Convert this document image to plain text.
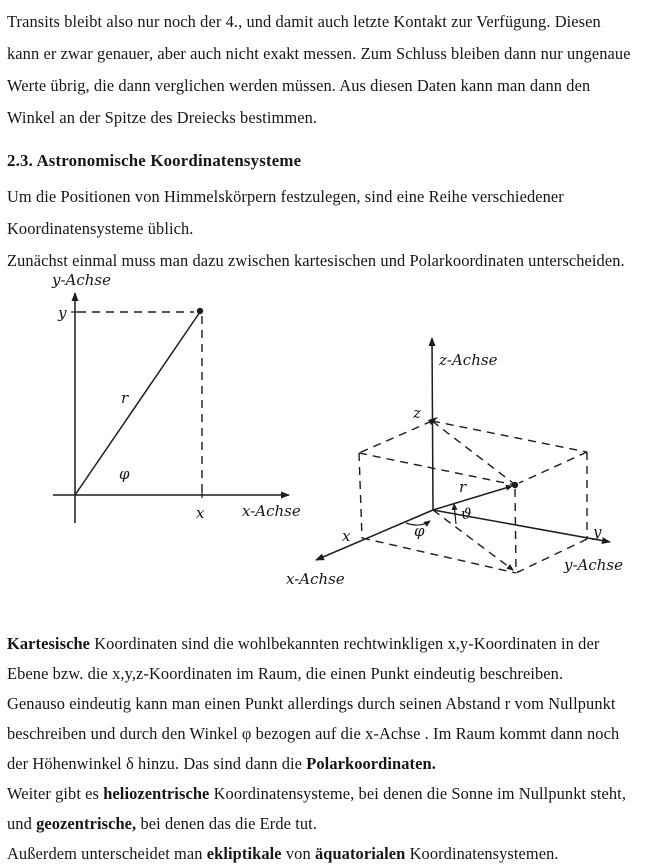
Transits bleibt also nur noch der 4., und damit auch letzte Kontakt zur Verfügung. Diesen
kann er zwar genauer, aber auch nicht exakt messen. Zum Schluss bleiben dann nur ungenaue
Werte übrig, die dann verglichen werden müssen. Aus diesen Daten kann man dann den
Winkel an der Spitze des Dreiecks bestimmen.
2.3. Astronomische Koordinatensysteme
Um die Positionen von Himmelskörpern festzulegen, sind eine Reihe verschiedener
Koordinatensysteme üblich.
Zunächst einmal muss man dazu zwischen kartesischen und Polarkoordinaten unterscheiden.
y-Achse
y
r
φ
x	x-Achse
z-Achse
z
r
ϑ
φ
x
x-Achse
y
y-Achse
Kartesische Koordinaten sind die wohlbekannten rechtwinkligen x,y-Koordinaten in der
Ebene bzw. die x,y,z-Koordinaten im Raum, die einen Punkt eindeutig beschreiben.
Genauso eindeutig kann man einen Punkt allerdings durch seinen Abstand r vom Nullpunkt
beschreiben und durch den Winkel φ bezogen auf die x-Achse . Im Raum kommt dann noch
der Höhenwinkel δ hinzu. Das sind dann die Polarkoordinaten.
Weiter gibt es heliozentrische Koordinatensysteme, bei denen die Sonne im Nullpunkt steht,
und geozentrische, bei denen das die Erde tut.
Außerdem unterscheidet man ekliptikale von äquatorialen Koordinatensystemen.
